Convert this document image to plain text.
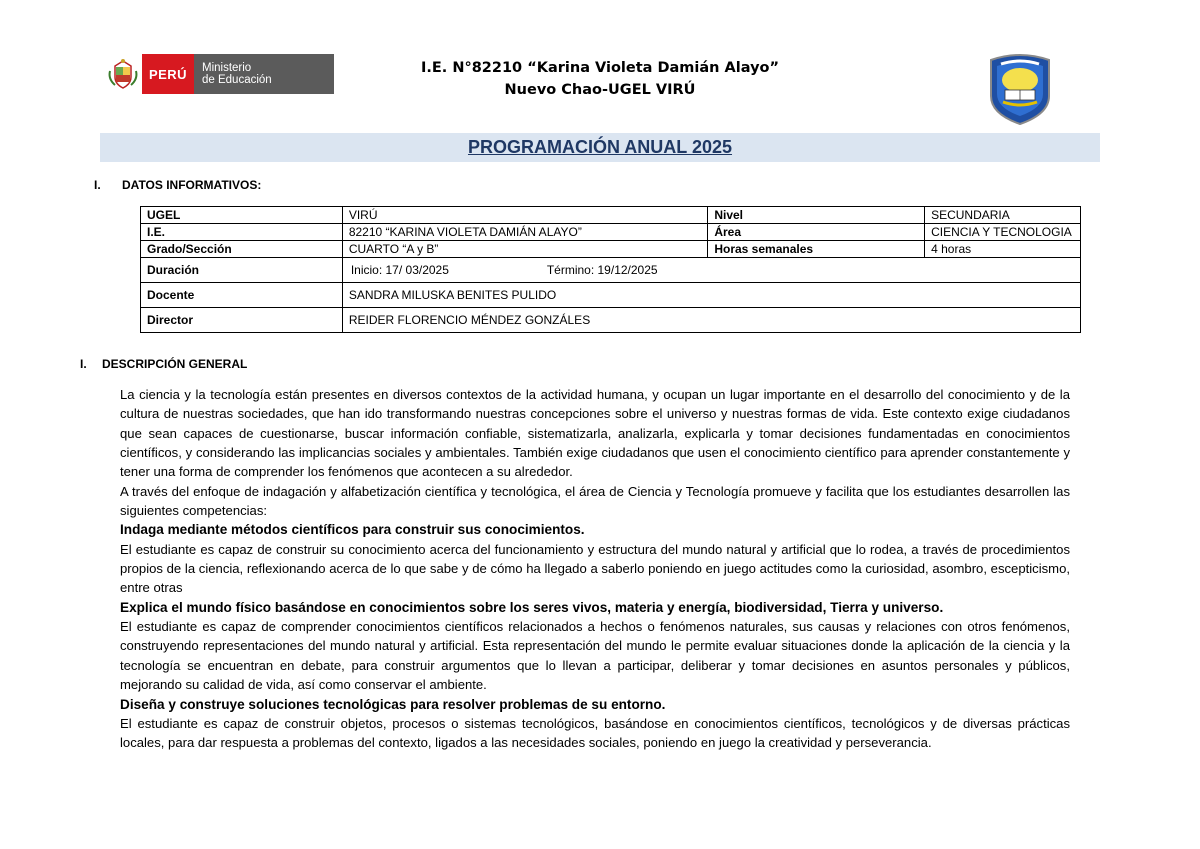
PERÚ	Ministerio
de Educación
I.E. N°82210 “Karina Violeta Damián Alayo”
Nuevo Chao-UGEL VIRÚ
PROGRAMACIÓN ANUAL 2025
I. DATOS INFORMATIVOS:
UGEL	VIRÚ	Nivel	SECUNDARIA
I.E.	82210 “KARINA VIOLETA DAMIÁN ALAYO”	Área	CIENCIA Y TECNOLOGIA
Grado/Sección	CUARTO “A y B”	Horas semanales	4 horas
Duración	Inicio: 17/ 03/2025 Término: 19/12/2025		
Docente	SANDRA MILUSKA BENITES PULIDO		
Director	REIDER FLORENCIO MÉNDEZ GONZÁLES		
I. DESCRIPCIÓN GENERAL

La ciencia y la tecnología están presentes en diversos contextos de la actividad humana, y ocupan un lugar importante en el desarrollo del conocimiento y de la cultura de nuestras sociedades, que han ido transformando nuestras concepciones sobre el universo y nuestras formas de vida. Este contexto exige ciudadanos que sean capaces de cuestionarse, buscar información confiable, sistematizarla, analizarla, explicarla y tomar decisiones fundamentadas en conocimientos científicos, y considerando las implicancias sociales y ambientales. También exige ciudadanos que usen el conocimiento científico para aprender constantemente y tener una forma de comprender los fenómenos que acontecen a su alrededor.

A través del enfoque de indagación y alfabetización científica y tecnológica, el área de Ciencia y Tecnología promueve y facilita que los estudiantes desarrollen las siguientes competencias:

Indaga mediante métodos científicos para construir sus conocimientos.

El estudiante es capaz de construir su conocimiento acerca del funcionamiento y estructura del mundo natural y artificial que lo rodea, a través de procedimientos propios de la ciencia, reflexionando acerca de lo que sabe y de cómo ha llegado a saberlo poniendo en juego actitudes como la curiosidad, asombro, escepticismo, entre otras

Explica el mundo físico basándose en conocimientos sobre los seres vivos, materia y energía, biodiversidad, Tierra y universo.

El estudiante es capaz de comprender conocimientos científicos relacionados a hechos o fenómenos naturales, sus causas y relaciones con otros fenómenos, construyendo representaciones del mundo natural y artificial. Esta representación del mundo le permite evaluar situaciones donde la aplicación de la ciencia y la tecnología se encuentran en debate, para construir argumentos que lo llevan a participar, deliberar y tomar decisiones en asuntos personales y públicos, mejorando su calidad de vida, así como conservar el ambiente.

Diseña y construye soluciones tecnológicas para resolver problemas de su entorno.

El estudiante es capaz de construir objetos, procesos o sistemas tecnológicos, basándose en conocimientos científicos, tecnológicos y de diversas prácticas locales, para dar respuesta a problemas del contexto, ligados a las necesidades sociales, poniendo en juego la creatividad y perseverancia.
